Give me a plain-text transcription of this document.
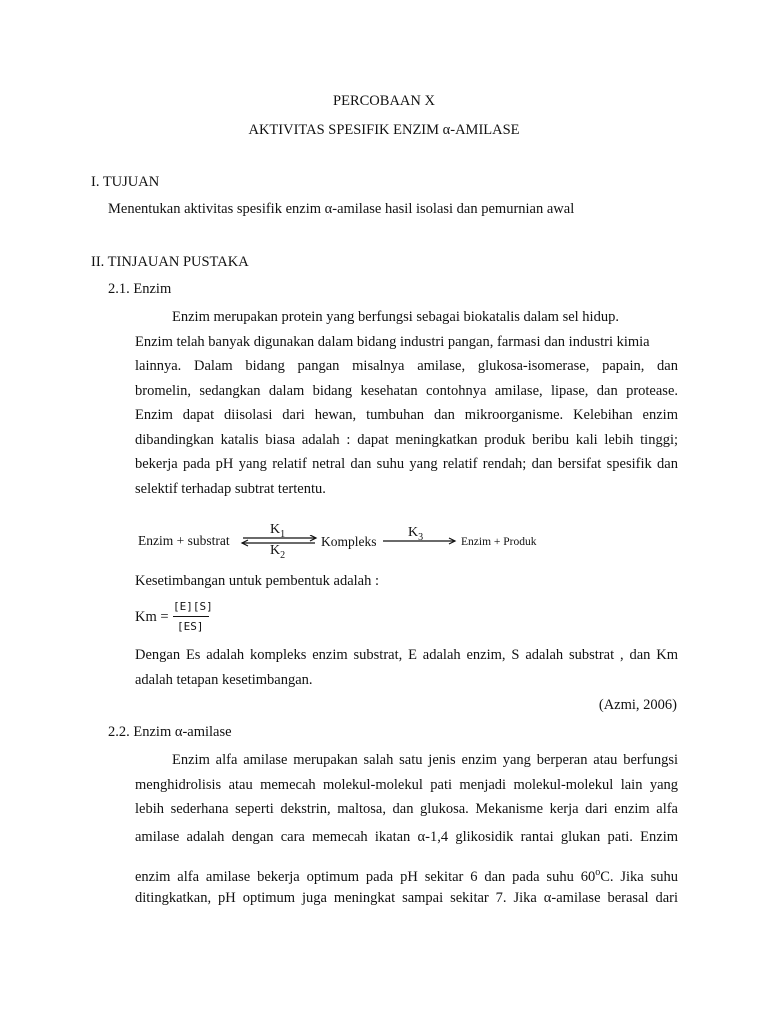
PERCOBAAN X
AKTIVITAS SPESIFIK ENZIM α-AMILASE
I. TUJUAN
Menentukan aktivitas spesifik enzim α-amilase hasil isolasi dan pemurnian awal
II. TINJAUAN PUSTAKA
2.1. Enzim
Enzim merupakan protein yang berfungsi sebagai biokatalis dalam sel hidup.
Enzim telah banyak digunakan dalam bidang industri pangan, farmasi dan industri kimia
lainnya. Dalam bidang pangan misalnya amilase, glukosa-isomerase, papain, dan
bromelin, sedangkan dalam bidang kesehatan contohnya amilase, lipase, dan protease.
Enzim dapat diisolasi dari hewan, tumbuhan dan mikroorganisme. Kelebihan enzim
dibandingkan katalis biasa adalah : dapat meningkatkan produk beribu kali lebih tinggi;
bekerja pada pH yang relatif netral dan suhu yang relatif rendah; dan bersifat spesifik dan
selektif terhadap subtrat tertentu.
Enzim + substrat
$K_1$
$K_2$
Kompleks
$K_3$	Enzim + Produk
Kesetimbangan untuk pembentuk adalah :
Km =
[E][S]
[ES]
Dengan Es adalah kompleks enzim substrat, E adalah enzim, S adalah substrat , dan Km
adalah tetapan kesetimbangan.
(Azmi, 2006)
2.2. Enzim α-amilase
Enzim alfa amilase merupakan salah satu jenis enzim yang berperan atau berfungsi
menghidrolisis atau memecah molekul-molekul pati menjadi molekul-molekul lain yang
lebih sederhana seperti dekstrin, maltosa, dan glukosa. Mekanisme kerja dari enzim alfa
amilase adalah dengan cara memecah ikatan α-1,4 glikosidik rantai glukan pati. Enzim
enzim alfa amilase bekerja optimum pada pH sekitar 6 dan pada suhu 60$^o$C. Jika suhu
ditingkatkan, pH optimum juga meningkat sampai sekitar 7. Jika α-amilase berasal dari
